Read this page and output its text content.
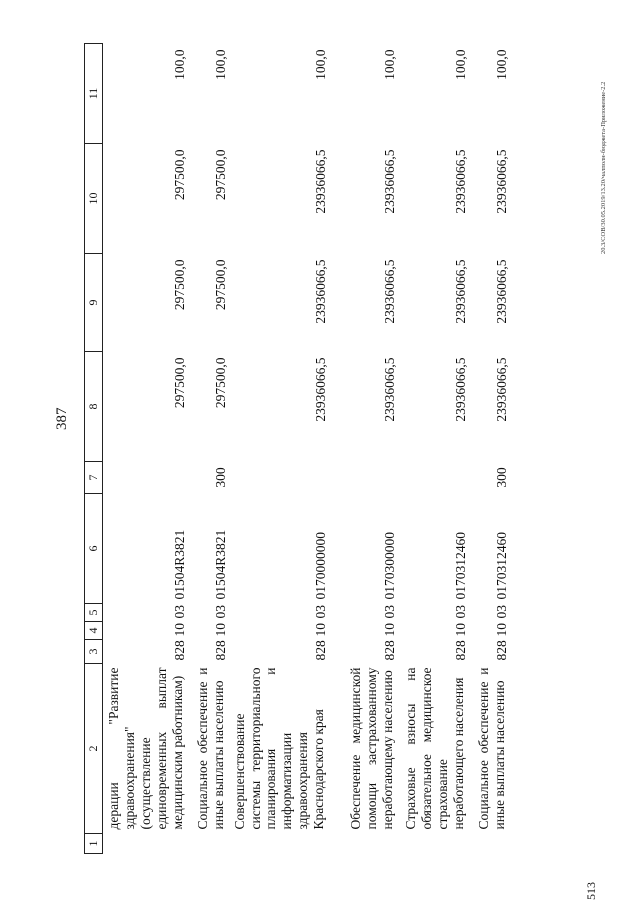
387
20.3/СОВ/30.05.2019/13.20/чалполн-бюджета-Приложение-2.2
513
1	2	3	4	5	6	7	8	9	10	11
	дерации "Развитие здравоохранения" (осуществление единовременных выплат медицинским работникам)	828	10	03	01504R3821		297500,0	297500,0	297500,0	100,0
	Социальное обеспечение и иные выплаты населению	828	10	03	01504R3821	300	297500,0	297500,0	297500,0	100,0
	Совершенствование системы территориального планирования и информатизации здравоохранения Краснодарского края	828	10	03	0170000000		23936066,5	23936066,5	23936066,5	100,0
	Обеспечение медицинской помощи застрахованному неработающему населению	828	10	03	0170300000		23936066,5	23936066,5	23936066,5	100,0
	Страховые взносы на обязательное медицинское страхование неработающего населения	828	10	03	0170312460		23936066,5	23936066,5	23936066,5	100,0
	Социальное обеспечение и иные выплаты населению	828	10	03	0170312460	300	23936066,5	23936066,5	23936066,5	100,0
